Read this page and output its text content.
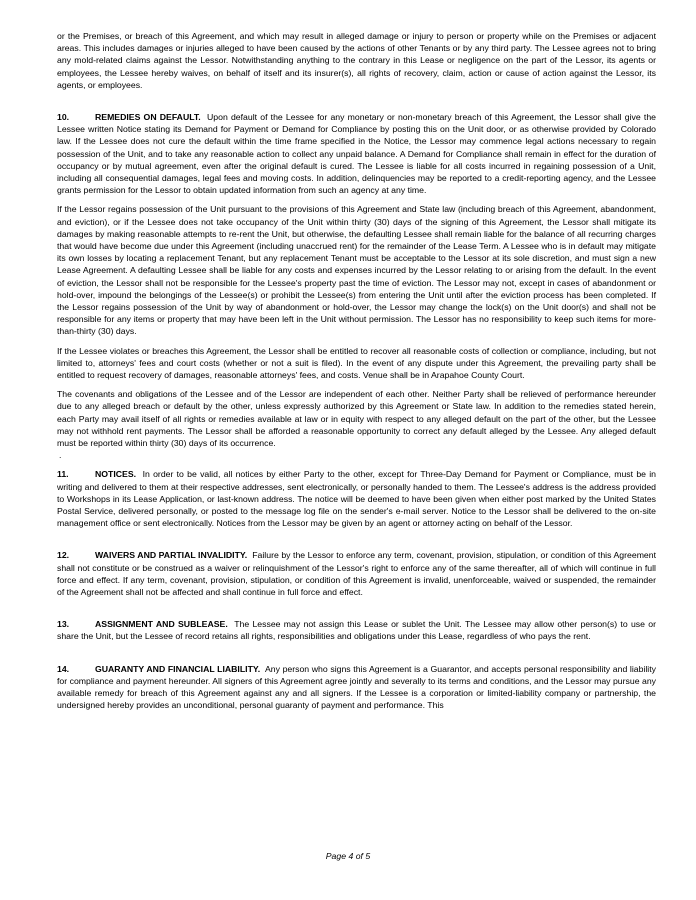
or the Premises, or breach of this Agreement, and which may result in alleged damage or injury to person or property while on the Premises or adjacent areas. This includes damages or injuries alleged to have been caused by the actions of other Tenants or by any third party. The Lessee agrees not to bring any mold-related claims against the Lessor. Notwithstanding anything to the contrary in this Lease or negligence on the part of the Lessor, its agents or employees, the Lessee hereby waives, on behalf of itself and its insurer(s), all rights of recovery, claim, action or cause of action against the Lessor, its agents, or employees.

10.	REMEDIES ON DEFAULT. Upon default of the Lessee for any monetary or non-monetary breach of this Agreement, the Lessor shall give the Lessee written Notice stating its Demand for Payment or Demand for Compliance by posting this on the Unit door, or as otherwise provided by Colorado law. If the Lessee does not cure the default within the time frame specified in the Notice, the Lessor may commence legal actions necessary to regain possession of the Unit, and to take any reasonable action to collect any unpaid balance. A Demand for Compliance shall remain in effect for the duration of occupancy or by mutual agreement, even after the original default is cured. The Lessee is liable for all costs incurred in regaining possession of a Unit, including all consequential damages, legal fees and moving costs. In addition, delinquencies may be reported to a credit-reporting agency, and the Lessee grants permission for the Lessor to obtain updated information from such an agency at any time.

If the Lessor regains possession of the Unit pursuant to the provisions of this Agreement and State law (including breach of this Agreement, abandonment, and eviction), or if the Lessee does not take occupancy of the Unit within thirty (30) days of the signing of this Agreement, the Lessor shall mitigate its damages by making reasonable attempts to re-rent the Unit, but otherwise, the defaulting Lessee shall remain liable for the balance of all recurring charges that would have become due under this Agreement (including unaccrued rent) for the remainder of the Lease Term. A Lessee who is in default may mitigate its own losses by locating a replacement Tenant, but any replacement Tenant must be acceptable to the Lessor at its sole discretion, and must sign a new Lease Agreement. A defaulting Lessee shall be liable for any costs and expenses incurred by the Lessor relating to or arising from the default. In the event of eviction, the Lessor shall not be responsible for the Lessee's property past the time of eviction. The Lessor may not, except in cases of abandonment or hold-over, impound the belongings of the Lessee(s) or prohibit the Lessee(s) from entering the Unit until after the eviction process has been completed. If the Lessor regains possession of the Unit by way of abandonment or hold-over, the Lessor may change the lock(s) on the Unit door(s) and shall not be responsible for any items or property that may have been left in the Unit without permission. The Lessor has no responsibility to keep such items for more-than-thirty (30) days.

If the Lessee violates or breaches this Agreement, the Lessor shall be entitled to recover all reasonable costs of collection or compliance, including, but not limited to, attorneys' fees and court costs (whether or not a suit is filed). In the event of any dispute under this Agreement, the prevailing party shall be entitled to request recovery of damages, reasonable attorneys' fees, and costs. Venue shall be in Arapahoe County Court.

The covenants and obligations of the Lessee and of the Lessor are independent of each other. Neither Party shall be relieved of performance hereunder due to any alleged breach or default by the other, unless expressly authorized by this Agreement or State law. In addition to the remedies stated herein, each Party may avail itself of all rights or remedies available at law or in equity with respect to any alleged default on the part of the other, but the Lessee may not withhold rent payments. The Lessor shall be afforded a reasonable opportunity to correct any default alleged by the Lessee. Any alleged default must be reported within thirty (30) days of its occurrence.

.

11.	NOTICES. In order to be valid, all notices by either Party to the other, except for Three-Day Demand for Payment or Compliance, must be in writing and delivered to them at their respective addresses, sent electronically, or personally handed to them. The Lessee's address is the address provided to Workshops in its Lease Application, or last-known address. The notice will be deemed to have been given when either post marked by the United States Postal Service, delivered personally, or posted to the message log file on the sender's e-mail server. Notice to the Lessor shall be delivered to the on-site management office or sent electronically. Notices from the Lessor may be given by an agent or attorney acting on behalf of the Lessor.

12.	WAIVERS AND PARTIAL INVALIDITY. Failure by the Lessor to enforce any term, covenant, provision, stipulation, or condition of this Agreement shall not constitute or be construed as a waiver or relinquishment of the Lessor's right to enforce any of the same thereafter, all of which will continue in full force and effect. If any term, covenant, provision, stipulation, or condition of this Agreement is invalid, unenforceable, waived or suspended, the remainder of the Agreement shall not be affected and shall continue in full force and effect.

13.	ASSIGNMENT AND SUBLEASE. The Lessee may not assign this Lease or sublet the Unit. The Lessee may allow other person(s) to use or share the Unit, but the Lessee of record retains all rights, responsibilities and obligations under this Lease, regardless of who pays the rent.

14.	GUARANTY AND FINANCIAL LIABILITY. Any person who signs this Agreement is a Guarantor, and accepts personal responsibility and liability for compliance and payment hereunder. All signers of this Agreement agree jointly and severally to its terms and conditions, and the Lessor may pursue any available remedy for breach of this Agreement against any and all signers. If the Lessee is a corporation or limited-liability company or partnership, the undersigned hereby provides an unconditional, personal guaranty of payment and performance. This

Page 4 of 5
